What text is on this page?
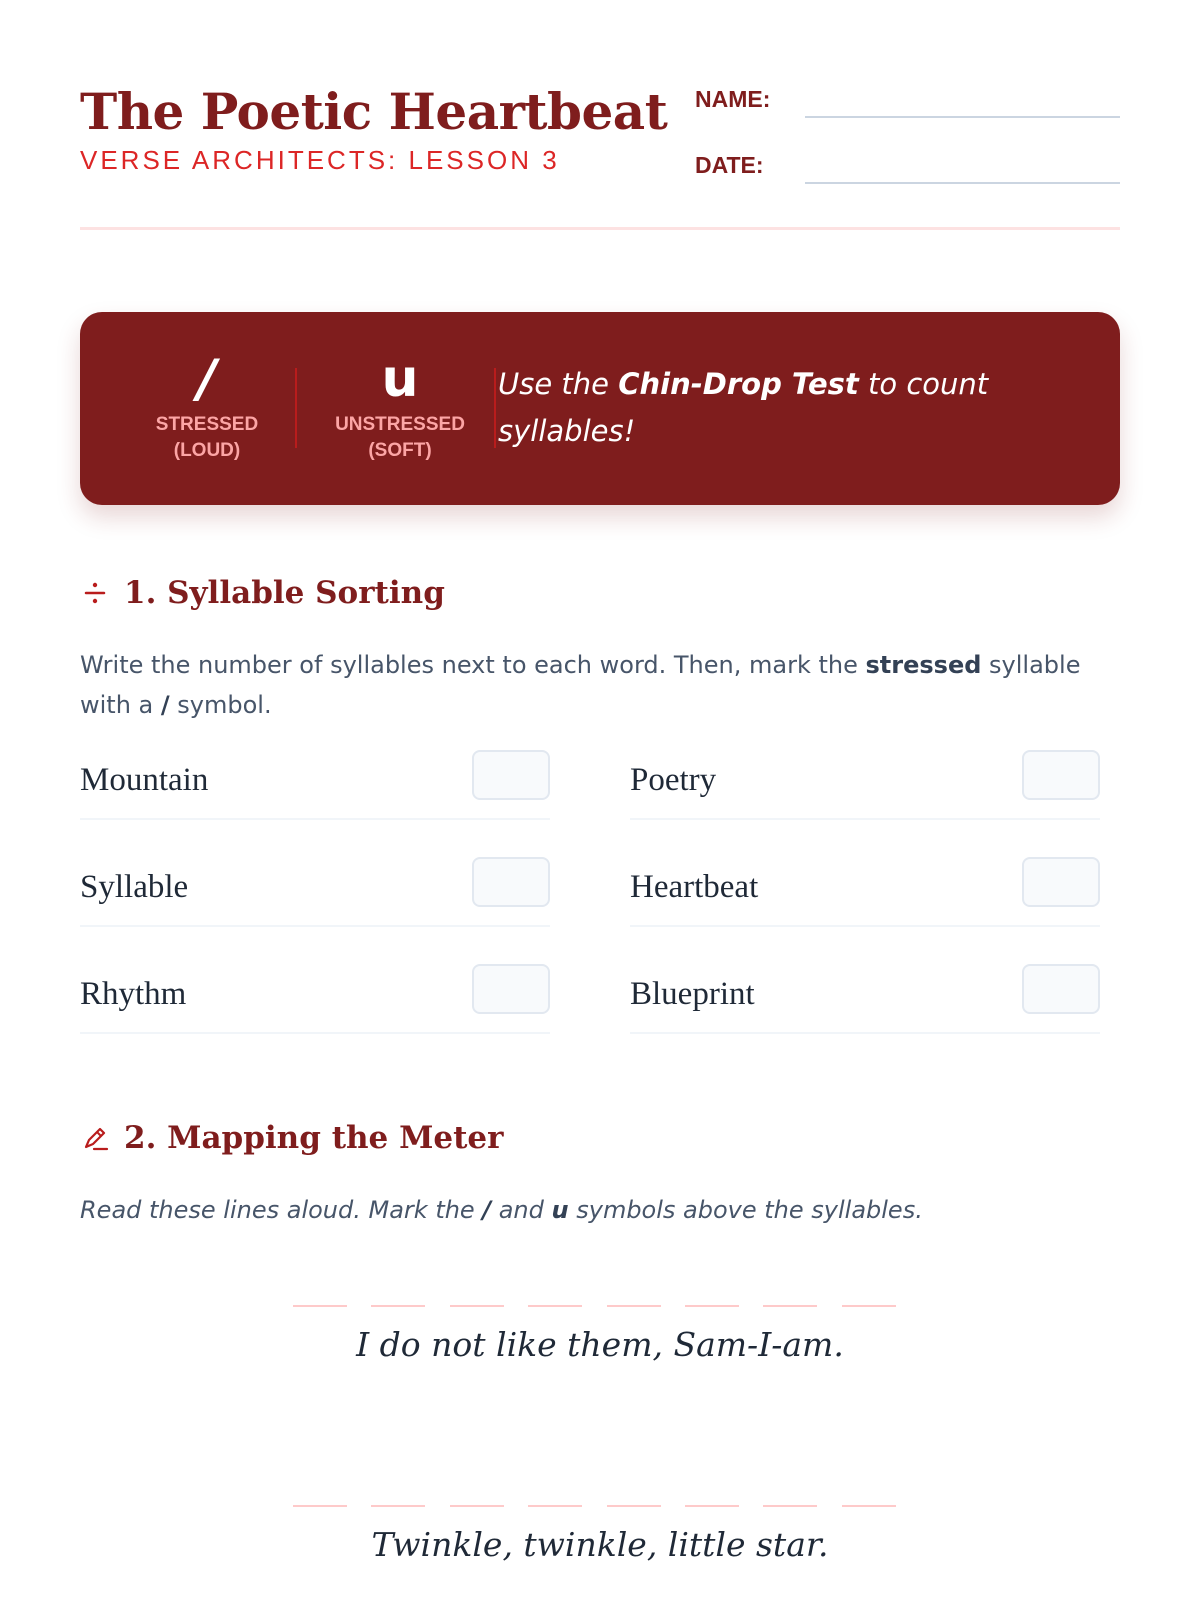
The Poetic Heartbeat
VERSE ARCHITECTS: LESSON 3
NAME:
DATE:
/
STRESSED
(LOUD)
u
UNSTRESSED
(SOFT)
Use the Chin-Drop Test to count syllables!
1. Syllable Sorting
Write the number of syllables next to each word. Then, mark the stressed syllable with a / symbol.
Mountain	Poetry
Syllable	Heartbeat
Rhythm	Blueprint
2. Mapping the Meter
Read these lines aloud. Mark the / and u symbols above the syllables.
I do not like them, Sam-I-am.
Twinkle, twinkle, little star.
